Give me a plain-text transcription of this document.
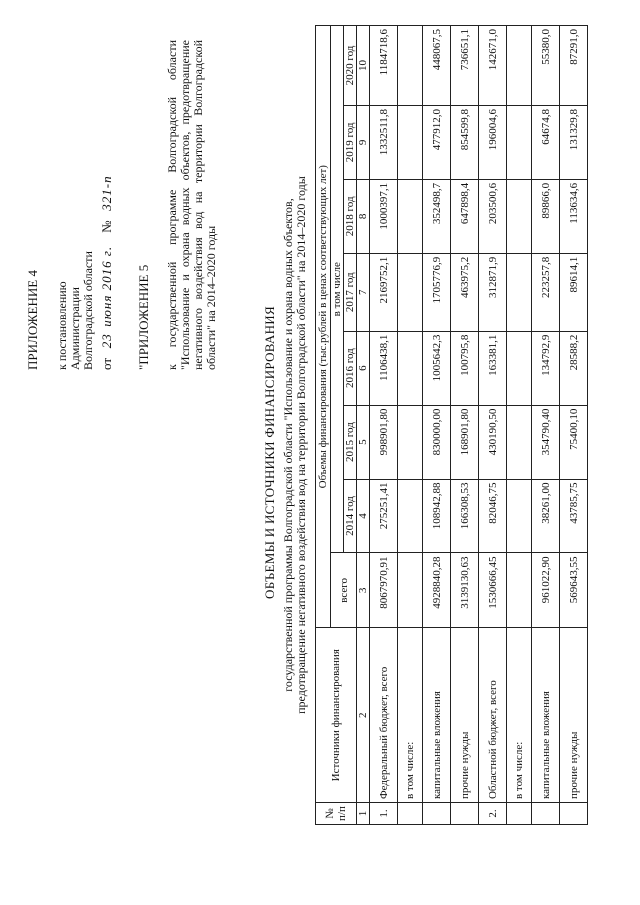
ПРИЛОЖЕНИЕ 4 к постановлению Администрации Волгоградской области от   23  июня 2016 г.    №   321-п
"ПРИЛОЖЕНИЕ 5 к государственной программе Волгоградской области "Использование и охрана водных объектов, предотвращение негативного воздействия вод на территории Волгоградской области" на 2014–2020 годы
ОБЪЕМЫ И ИСТОЧНИКИ ФИНАНСИРОВАНИЯ государственной программы Волгоградской области "Использование и охрана водных объектов, предотвращение негативного воздействия вод на территории Волгоградской области" на 2014–2020 годы
№ п/п	Источники финансирования	Объемы финансирования (тыс.рублей в ценах соответствующих лет)							
		всего	в том числе						
			2014 год	2015 год	2016 год	2017 год	2018 год	2019 год	2020 год
1	2	3	4	5	6	7	8	9	10
1.	Федеральный бюджет, всего	8067970,91	275251,41	998901,80	1106438,1	2169752,1	1000397,1	1332511,8	1184718,6
	в том числе:								
	капитальные вложения	4928840,28	108942,88	830000,00	1005642,3	1705776,9	352498,7	477912,0	448067,5
	прочие нужды	3139130,63	166308,53	168901,80	100795,8	463975,2	647898,4	854599,8	736651,1
2.	Областной бюджет, всего	1530666,45	82046,75	430190,50	163381,1	312871,9	203500,6	196004,6	142671,0
	в том числе:								
	капитальные вложения	961022,90	38261,00	354790,40	134792,9	223257,8	89866,0	64674,8	55380,0
	прочие нужды	569643,55	43785,75	75400,10	28588,2	89614,1	113634,6	131329,8	87291,0
